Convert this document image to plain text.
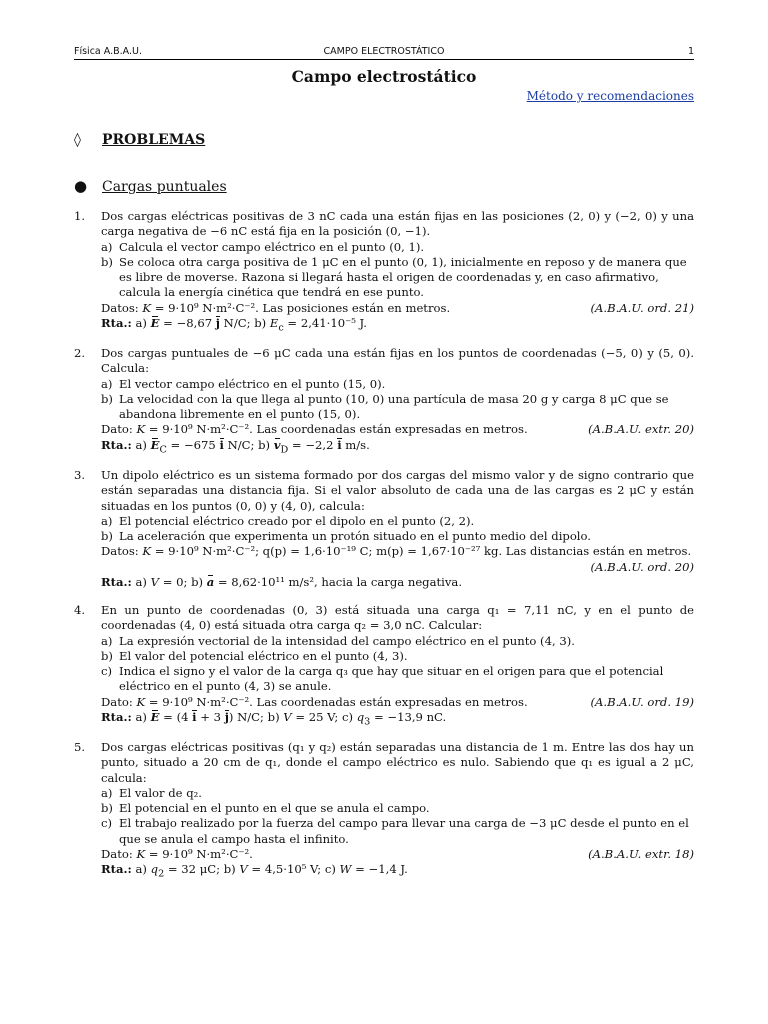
Física A.B.A.U.	CAMPO ELECTROSTÁTICO	1
Campo electrostático
Método y recomendaciones
◊ PROBLEMAS
● Cargas puntuales
1. Dos cargas eléctricas positivas de 3 nC cada una están fijas en las posiciones (2, 0) y (−2, 0) y una carga negativa de −6 nC está fija en la posición (0, −1).
a) Calcula el vector campo eléctrico en el punto (0, 1).
b) Se coloca otra carga positiva de 1 μC en el punto (0, 1), inicialmente en reposo y de manera que es libre de moverse. Razona si llegará hasta el origen de coordenadas y, en caso afirmativo, calcula la energía cinética que tendrá en ese punto.
Datos: K = 9·10⁹ N·m²·C⁻². Las posiciones están en metros.	(A.B.A.U. ord. 21)
Rta.: a) E = −8,67 j N/C; b) $E_c = 2,41\cdot 10^{-5}$ J.
2. Dos cargas puntuales de −6 μC cada una están fijas en los puntos de coordenadas (−5, 0) y (5, 0). Calcula:
a) El vector campo eléctrico en el punto (15, 0).
b) La velocidad con la que llega al punto (10, 0) una partícula de masa 20 g y carga 8 μC que se abandona libremente en el punto (15, 0).
Dato: K = 9·10⁹ N·m²·C⁻². Las coordenadas están expresadas en metros.	(A.B.A.U. extr. 20)
Rta.: a) $E_C = -675$ i N/C; b) $v_D = -2,2$ i m/s.
3. Un dipolo eléctrico es un sistema formado por dos cargas del mismo valor y de signo contrario que están separadas una distancia fija. Si el valor absoluto de cada una de las cargas es 2 μC y están situadas en los puntos (0, 0) y (4, 0), calcula:
a) El potencial eléctrico creado por el dipolo en el punto (2, 2).
b) La aceleración que experimenta un protón situado en el punto medio del dipolo.
Datos: K = 9·10⁹ N·m²·C⁻²; q(p) = 1,6·10⁻¹⁹ C; m(p) = 1,67·10⁻²⁷ kg. Las distancias están en metros.
(A.B.A.U. ord. 20)
Rta.: a) V = 0; b) a = 8,62·10¹¹ m/s², hacia la carga negativa.
4. En un punto de coordenadas (0, 3) está situada una carga q₁ = 7,11 nC, y en el punto de coordenadas (4, 0) está situada otra carga q₂ = 3,0 nC. Calcular:
a) La expresión vectorial de la intensidad del campo eléctrico en el punto (4, 3).
b) El valor del potencial eléctrico en el punto (4, 3).
c) Indica el signo y el valor de la carga q₃ que hay que situar en el origen para que el potencial eléctrico en el punto (4, 3) se anule.
Dato: K = 9·10⁹ N·m²·C⁻². Las coordenadas están expresadas en metros.	(A.B.A.U. ord. 19)
Rta.: a) E = (4 i + 3 j) N/C; b) V = 25 V; c) $q_3 = -13,9$ nC.
5. Dos cargas eléctricas positivas (q₁ y q₂) están separadas una distancia de 1 m. Entre las dos hay un punto, situado a 20 cm de q₁, donde el campo eléctrico es nulo. Sabiendo que q₁ es igual a 2 μC, calcula:
a) El valor de q₂.
b) El potencial en el punto en el que se anula el campo.
c) El trabajo realizado por la fuerza del campo para llevar una carga de −3 μC desde el punto en el que se anula el campo hasta el infinito.
Dato: K = 9·10⁹ N·m²·C⁻².	(A.B.A.U. extr. 18)
Rta.: a) $q_2 = 32$ μC; b) V = 4,5·10⁵ V; c) W = −1,4 J.
